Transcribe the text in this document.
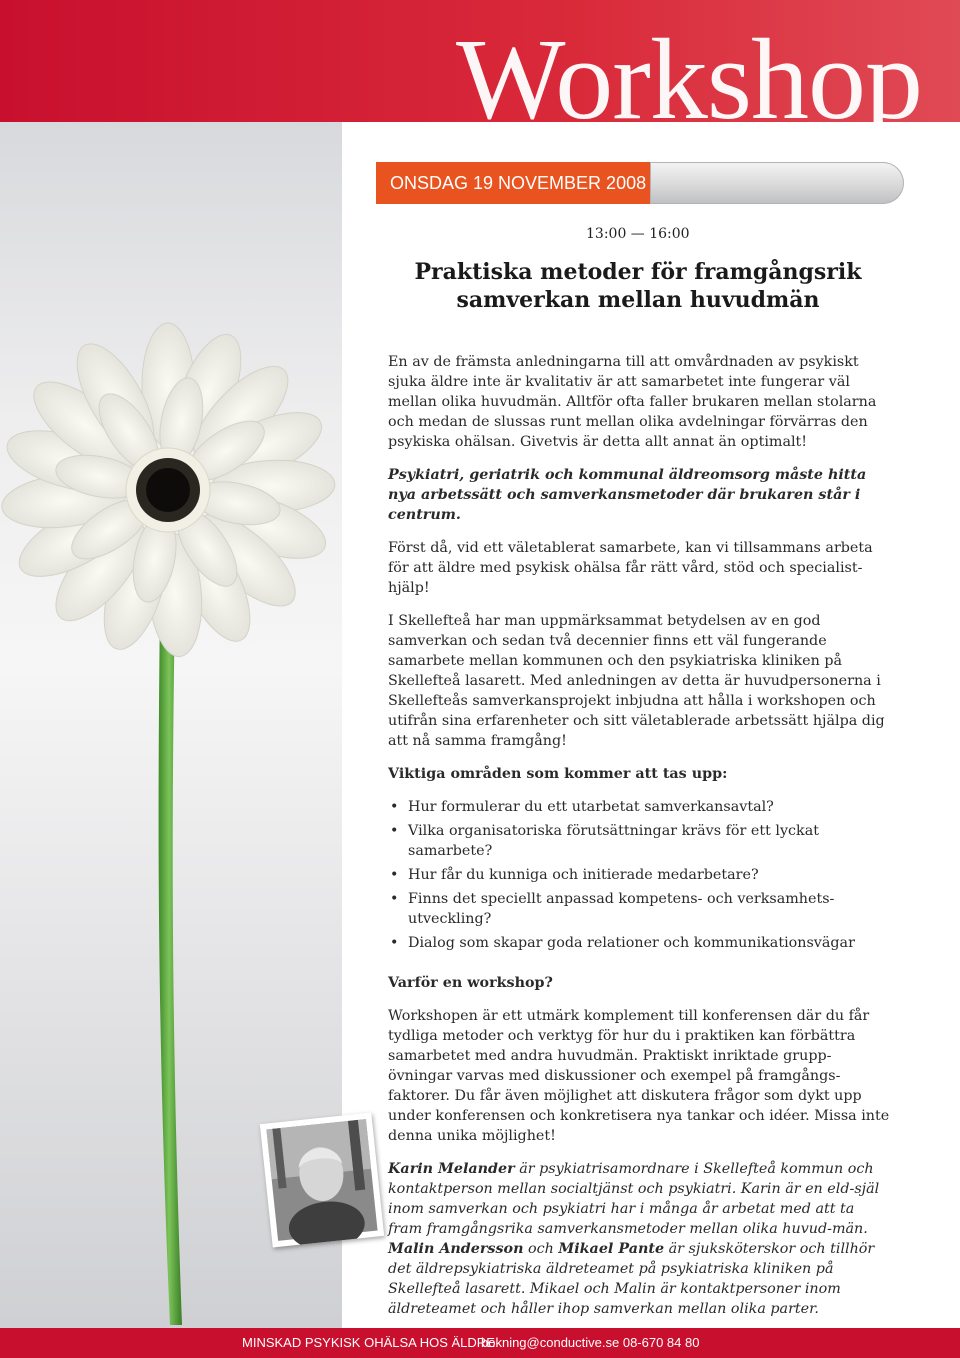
Workshop
ONSDAG 19 NOVEMBER 2008
13:00 — 16:00
Praktiska metoder för framgångsrik
samverkan mellan huvudmän

En av de främsta anledningarna till att omvårdnaden av psykiskt sjuka äldre inte är kvalitativ är att samarbetet inte fungerar väl mellan olika huvudmän. Alltför ofta faller brukaren mellan stolarna och medan de slussas runt mellan olika avdelningar förvärras den psykiska ohälsan. Givetvis är detta allt annat än optimalt!

Psykiatri, geriatrik och kommunal äldreomsorg måste hitta nya arbetssätt och samverkansmetoder där brukaren står i centrum.

Först då, vid ett väletablerat samarbete, kan vi tillsammans arbeta för att äldre med psykisk ohälsa får rätt vård, stöd och specialist-hjälp!

I Skellefteå har man uppmärksammat betydelsen av en god samverkan och sedan två decennier finns ett väl fungerande samarbete mellan kommunen och den psykiatriska kliniken på Skellefteå lasarett. Med anledningen av detta är huvudpersonerna i Skellefteås samverkansprojekt inbjudna att hålla i workshopen och utifrån sina erfarenheter och sitt väletablerade arbetssätt hjälpa dig att nå samma framgång!

Viktiga områden som kommer att tas upp:

• Hur formulerar du ett utarbetat samverkansavtal?
• Vilka organisatoriska förutsättningar krävs för ett lyckat samarbete?
• Hur får du kunniga och initierade medarbetare?
• Finns det speciellt anpassad kompetens- och verksamhets-utveckling?
• Dialog som skapar goda relationer och kommunikationsvägar

Varför en workshop?

Workshopen är ett utmärk komplement till konferensen där du får tydliga metoder och verktyg för hur du i praktiken kan förbättra samarbetet med andra huvudmän. Praktiskt inriktade grupp-övningar varvas med diskussioner och exempel på framgångs-faktorer. Du får även möjlighet att diskutera frågor som dykt upp under konferensen och konkretisera nya tankar och idéer. Missa inte denna unika möjlighet!

Karin Melander är psykiatrisamordnare i Skellefteå kommun och kontaktperson mellan socialtjänst och psykiatri. Karin är en eld-själ inom samverkan och psykiatri har i många år arbetat med att ta fram framgångsrika samverkansmetoder mellan olika huvud-män. Malin Andersson och Mikael Pante är sjuksköterskor och tillhör det äldrepsykiatriska äldreteamet på psykiatriska kliniken på Skellefteå lasarett. Mikael och Malin är kontaktpersoner inom äldreteamet och håller ihop samverkan mellan olika parter.

MINSKAD PSYKISK OHÄLSA HOS ÄLDRE
bokning@conductive.se 08-670 84 80
